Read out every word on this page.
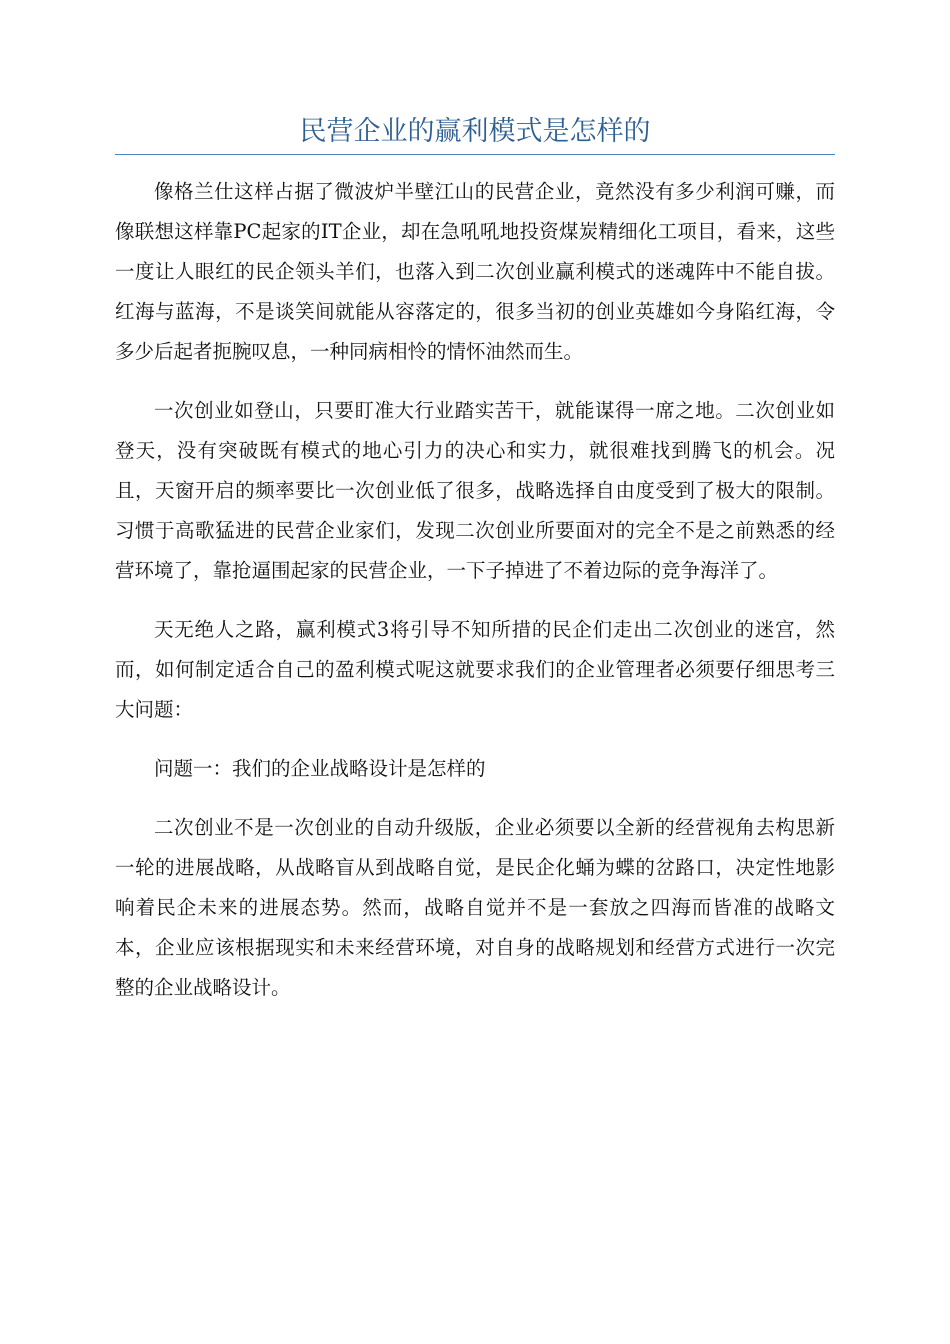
民营企业的赢利模式是怎样的

像格兰仕这样占据了微波炉半壁江山的民营企业，竟然没有多少利润可赚，而像联想这样靠PC起家的IT企业，却在急吼吼地投资煤炭精细化工项目，看来，这些一度让人眼红的民企领头羊们，也落入到二次创业赢利模式的迷魂阵中不能自拔。红海与蓝海，不是谈笑间就能从容落定的，很多当初的创业英雄如今身陷红海，令多少后起者扼腕叹息，一种同病相怜的情怀油然而生。

一次创业如登山，只要盯准大行业踏实苦干，就能谋得一席之地。二次创业如登天，没有突破既有模式的地心引力的决心和实力，就很难找到腾飞的机会。况且，天窗开启的频率要比一次创业低了很多，战略选择自由度受到了极大的限制。习惯于高歌猛进的民营企业家们，发现二次创业所要面对的完全不是之前熟悉的经营环境了，靠抢逼围起家的民营企业，一下子掉进了不着边际的竞争海洋了。

天无绝人之路，赢利模式3将引导不知所措的民企们走出二次创业的迷宫，然而，如何制定适合自己的盈利模式呢这就要求我们的企业管理者必须要仔细思考三大问题：

问题一：我们的企业战略设计是怎样的

二次创业不是一次创业的自动升级版，企业必须要以全新的经营视角去构思新一轮的进展战略，从战略盲从到战略自觉，是民企化蛹为蝶的岔路口，决定性地影响着民企未来的进展态势。然而，战略自觉并不是一套放之四海而皆准的战略文本，企业应该根据现实和未来经营环境，对自身的战略规划和经营方式进行一次完整的企业战略设计。
